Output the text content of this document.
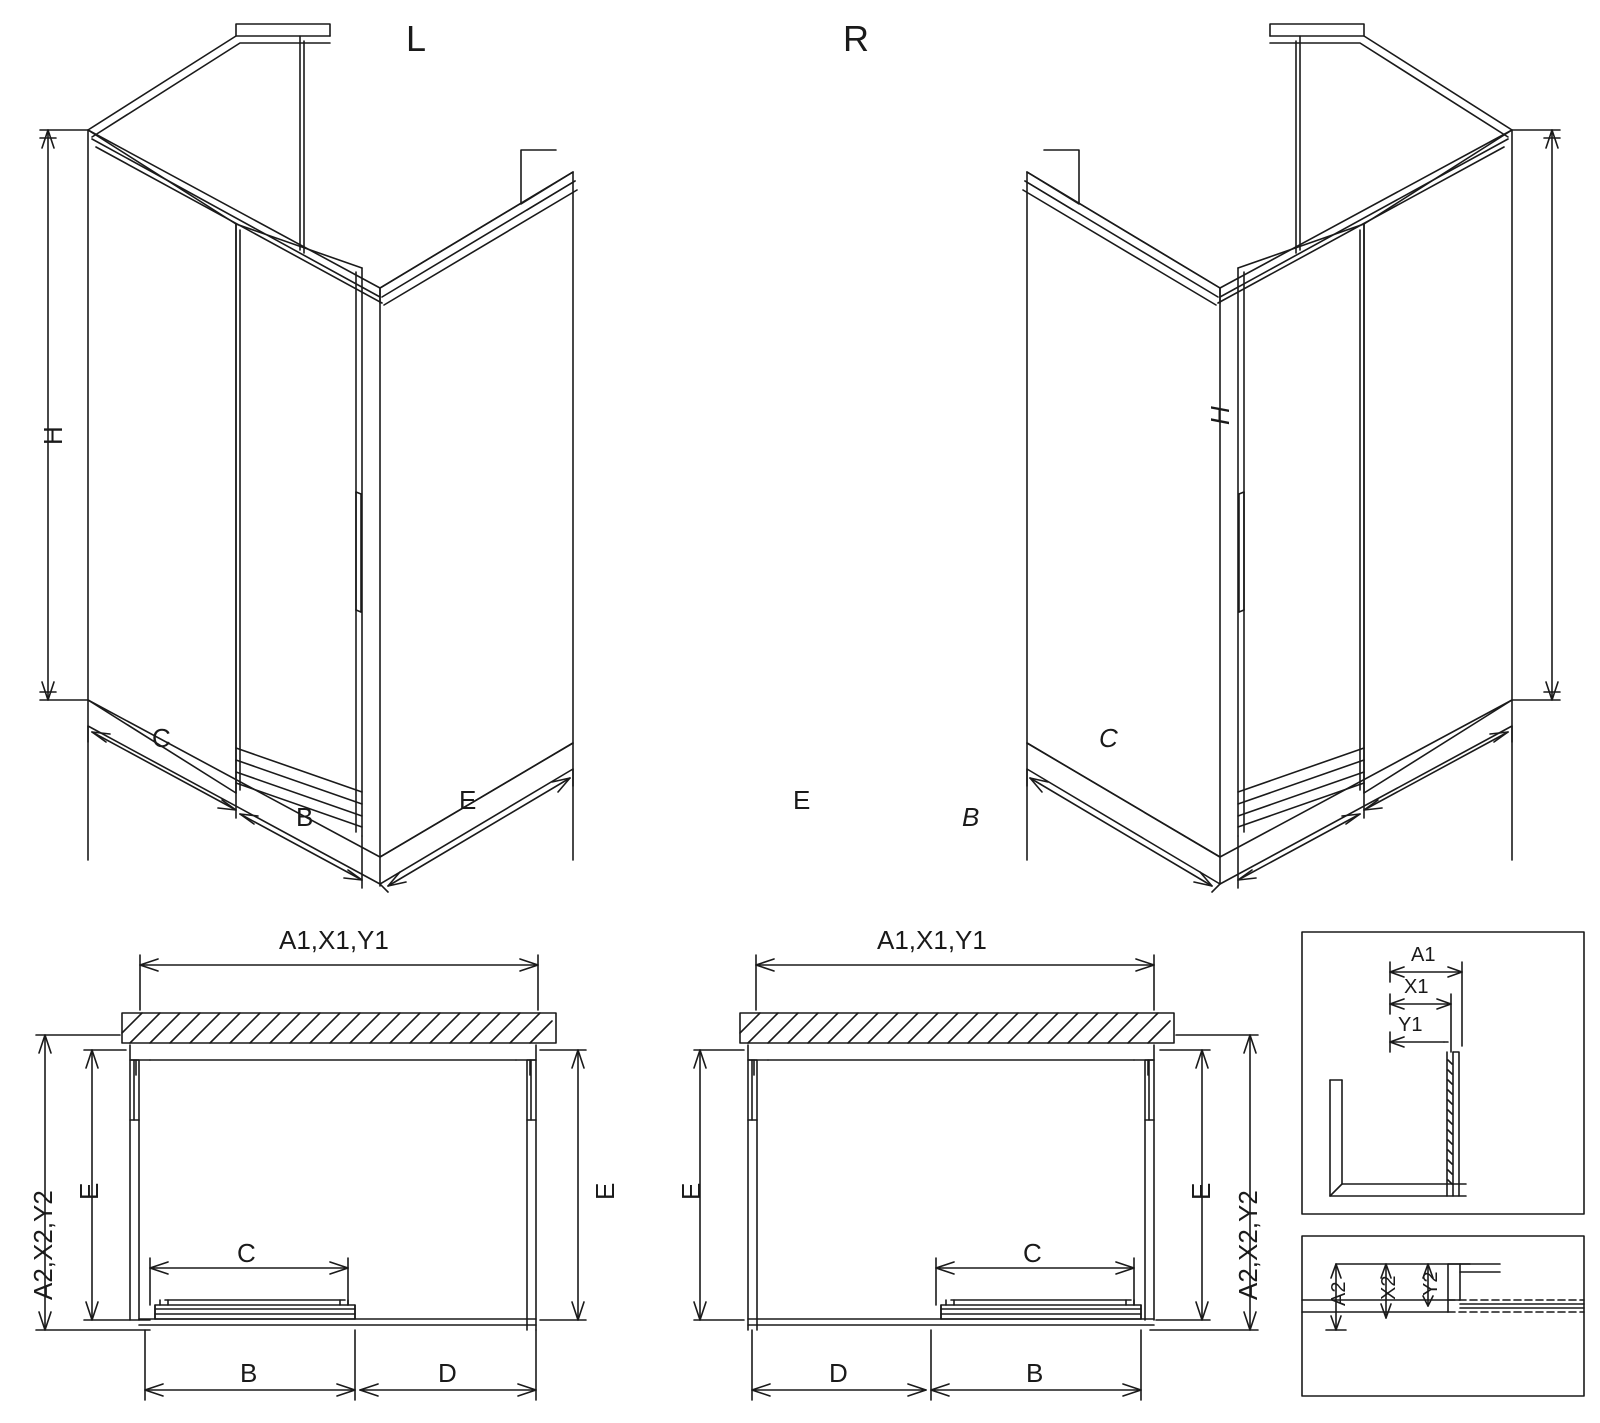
L	R
H
C
B
E
H
C
B
E
A1,X1,Y1
A2,X2,Y2 E	E
C
B	D
A1,X1,Y1
A2,X2,Y2
E
E
C
B
D
A1
X1
Y1
A2 X2 Y2
